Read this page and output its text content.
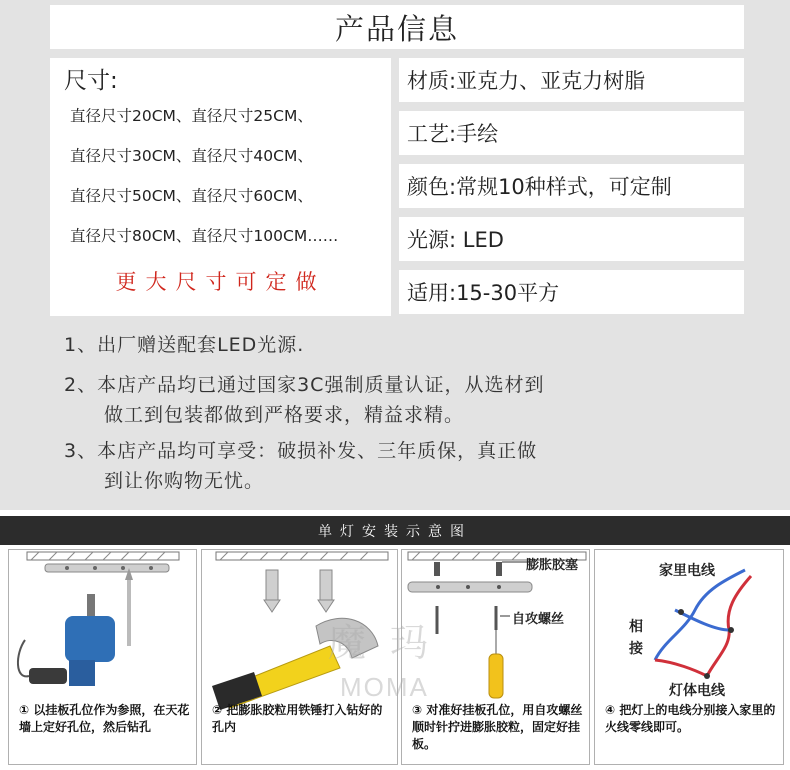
产品信息
尺寸:
直径尺寸20CM、直径尺寸25CM、
直径尺寸30CM、直径尺寸40CM、
直径尺寸50CM、直径尺寸60CM、
直径尺寸80CM、直径尺寸100CM……
更大尺寸可定做
材质:亚克力、亚克力树脂
工艺:手绘
颜色:常规10种样式，可定制
光源: LED
适用:15-30平方
1、出厂赠送配套LED光源.
2、本店产品均已通过国家3C强制质量认证，从选材到
做工到包装都做到严格要求，精益求精。
3、本店产品均可享受：破损补发、三年质保，真正做
到让你购物无忧。
单灯安装示意图
① 以挂板孔位作为参照，在天花墙上定好孔位，然后钻孔
② 把膨胀胶粒用铁锤打入钻好的孔内
膨胀胶塞
自攻螺丝
③ 对准好挂板孔位，用自攻螺丝顺时针拧进膨胀胶粒，固定好挂板。
家里电线
相
接
灯体电线
④ 把灯上的电线分别接入家里的火线零线即可。
魔玛
MOMA
